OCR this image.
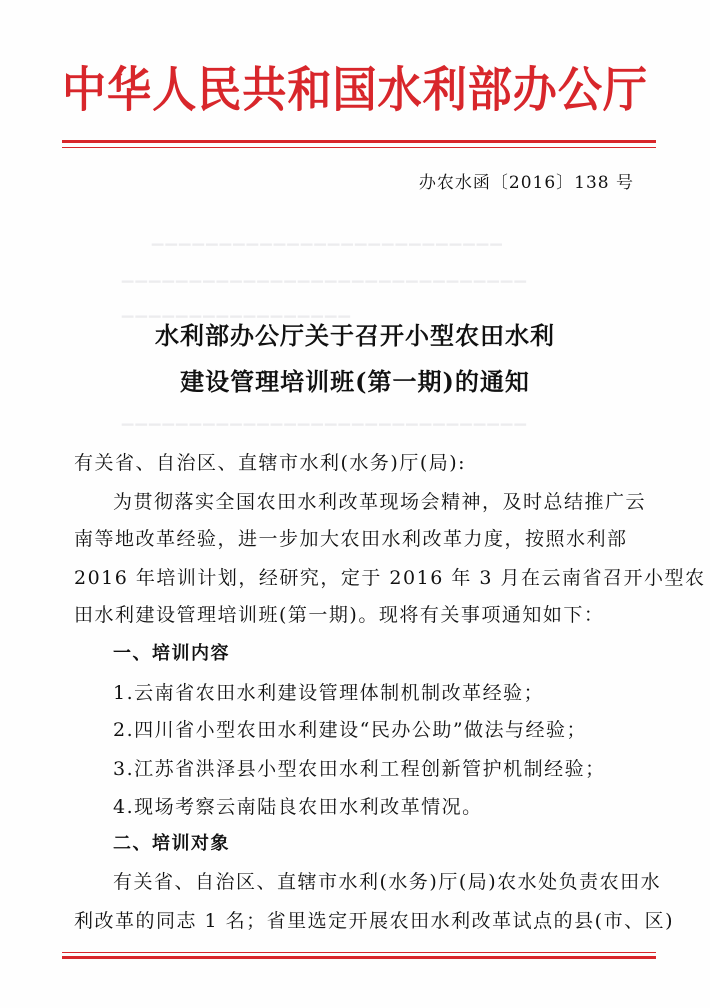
▁▁▁▁▁▁▁▁▁▁▁▁▁▁▁▁▁▁▁▁▁▁▁▁▁▁
▁▁▁▁▁▁▁▁▁▁▁▁▁▁▁▁▁▁▁▁▁▁▁▁▁▁▁▁▁▁
▁▁▁▁▁▁▁▁▁▁▁▁▁▁▁▁▁
▁▁▁▁▁▁▁▁▁▁▁▁▁▁▁▁▁▁▁▁▁▁▁▁▁▁▁▁▁▁
中华人民共和国水利部办公厅
办农水函〔2016〕138 号
水利部办公厅关于召开小型农田水利
建设管理培训班(第一期)的通知
有关省、自治区、直辖市水利(水务)厅(局):
为贯彻落实全国农田水利改革现场会精神，及时总结推广云
南等地改革经验，进一步加大农田水利改革力度，按照水利部
2016 年培训计划，经研究，定于 2016 年 3 月在云南省召开小型农
田水利建设管理培训班(第一期)。现将有关事项通知如下：
一、培训内容
1.云南省农田水利建设管理体制机制改革经验；
2.四川省小型农田水利建设“民办公助”做法与经验；
3.江苏省洪泽县小型农田水利工程创新管护机制经验；
4.现场考察云南陆良农田水利改革情况。
二、培训对象
有关省、自治区、直辖市水利(水务)厅(局)农水处负责农田水
利改革的同志 1 名；省里选定开展农田水利改革试点的县(市、区)
